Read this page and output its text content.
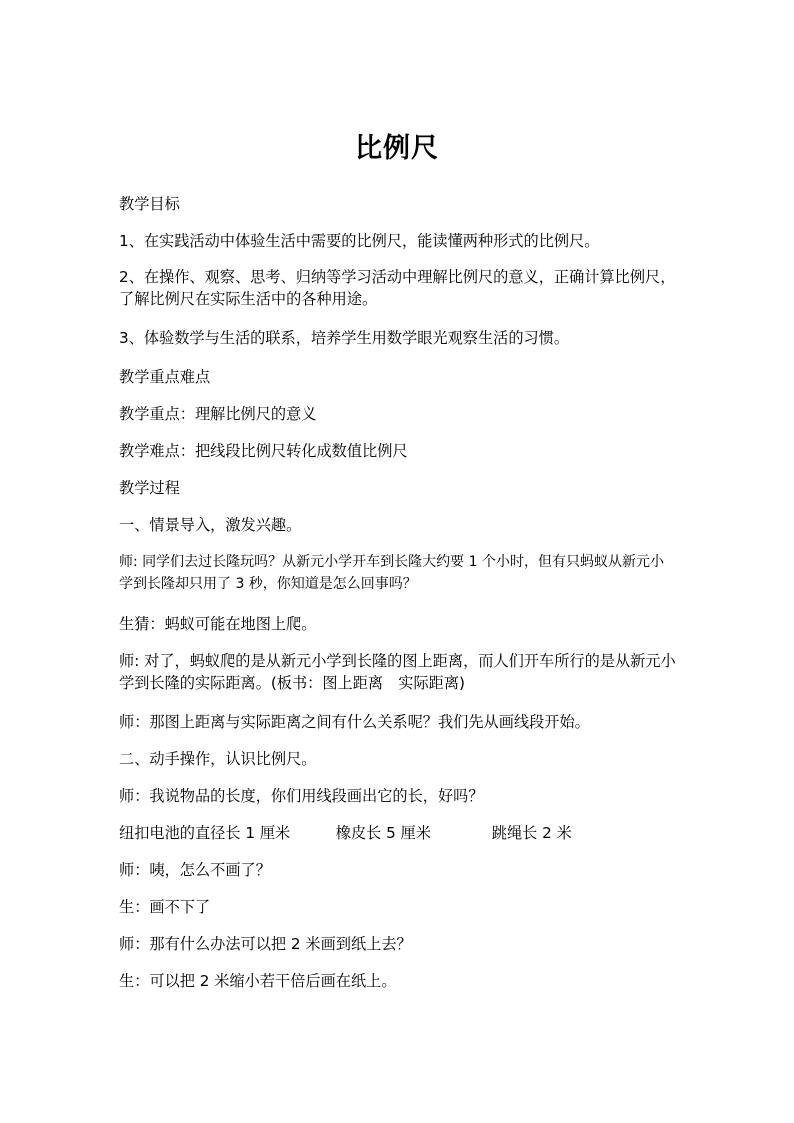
比例尺
教学目标
1、在实践活动中体验生活中需要的比例尺，能读懂两种形式的比例尺。
2、在操作、观察、思考、归纳等学习活动中理解比例尺的意义，正确计算比例尺，了解比例尺在实际生活中的各种用途。
3、体验数学与生活的联系，培养学生用数学眼光观察生活的习惯。
教学重点难点
教学重点：理解比例尺的意义
教学难点：把线段比例尺转化成数值比例尺
教学过程
一、情景导入，激发兴趣。
师: 同学们去过长隆玩吗？从新元小学开车到长隆大约要 1 个小时，但有只蚂蚁从新元小学到长隆却只用了 3 秒，你知道是怎么回事吗？
生猜：蚂蚁可能在地图上爬。
师: 对了，蚂蚁爬的是从新元小学到长隆的图上距离，而人们开车所行的是从新元小学到长隆的实际距离。(板书：图上距离　实际距离)
师：那图上距离与实际距离之间有什么关系呢？我们先从画线段开始。
二、动手操作，认识比例尺。
师：我说物品的长度，你们用线段画出它的长，好吗？
纽扣电池的直径长 1 厘米　　　橡皮长 5 厘米　　　　跳绳长 2 米
师：咦，怎么不画了？
生：画不下了
师：那有什么办法可以把 2 米画到纸上去？
生：可以把 2 米缩小若干倍后画在纸上。
